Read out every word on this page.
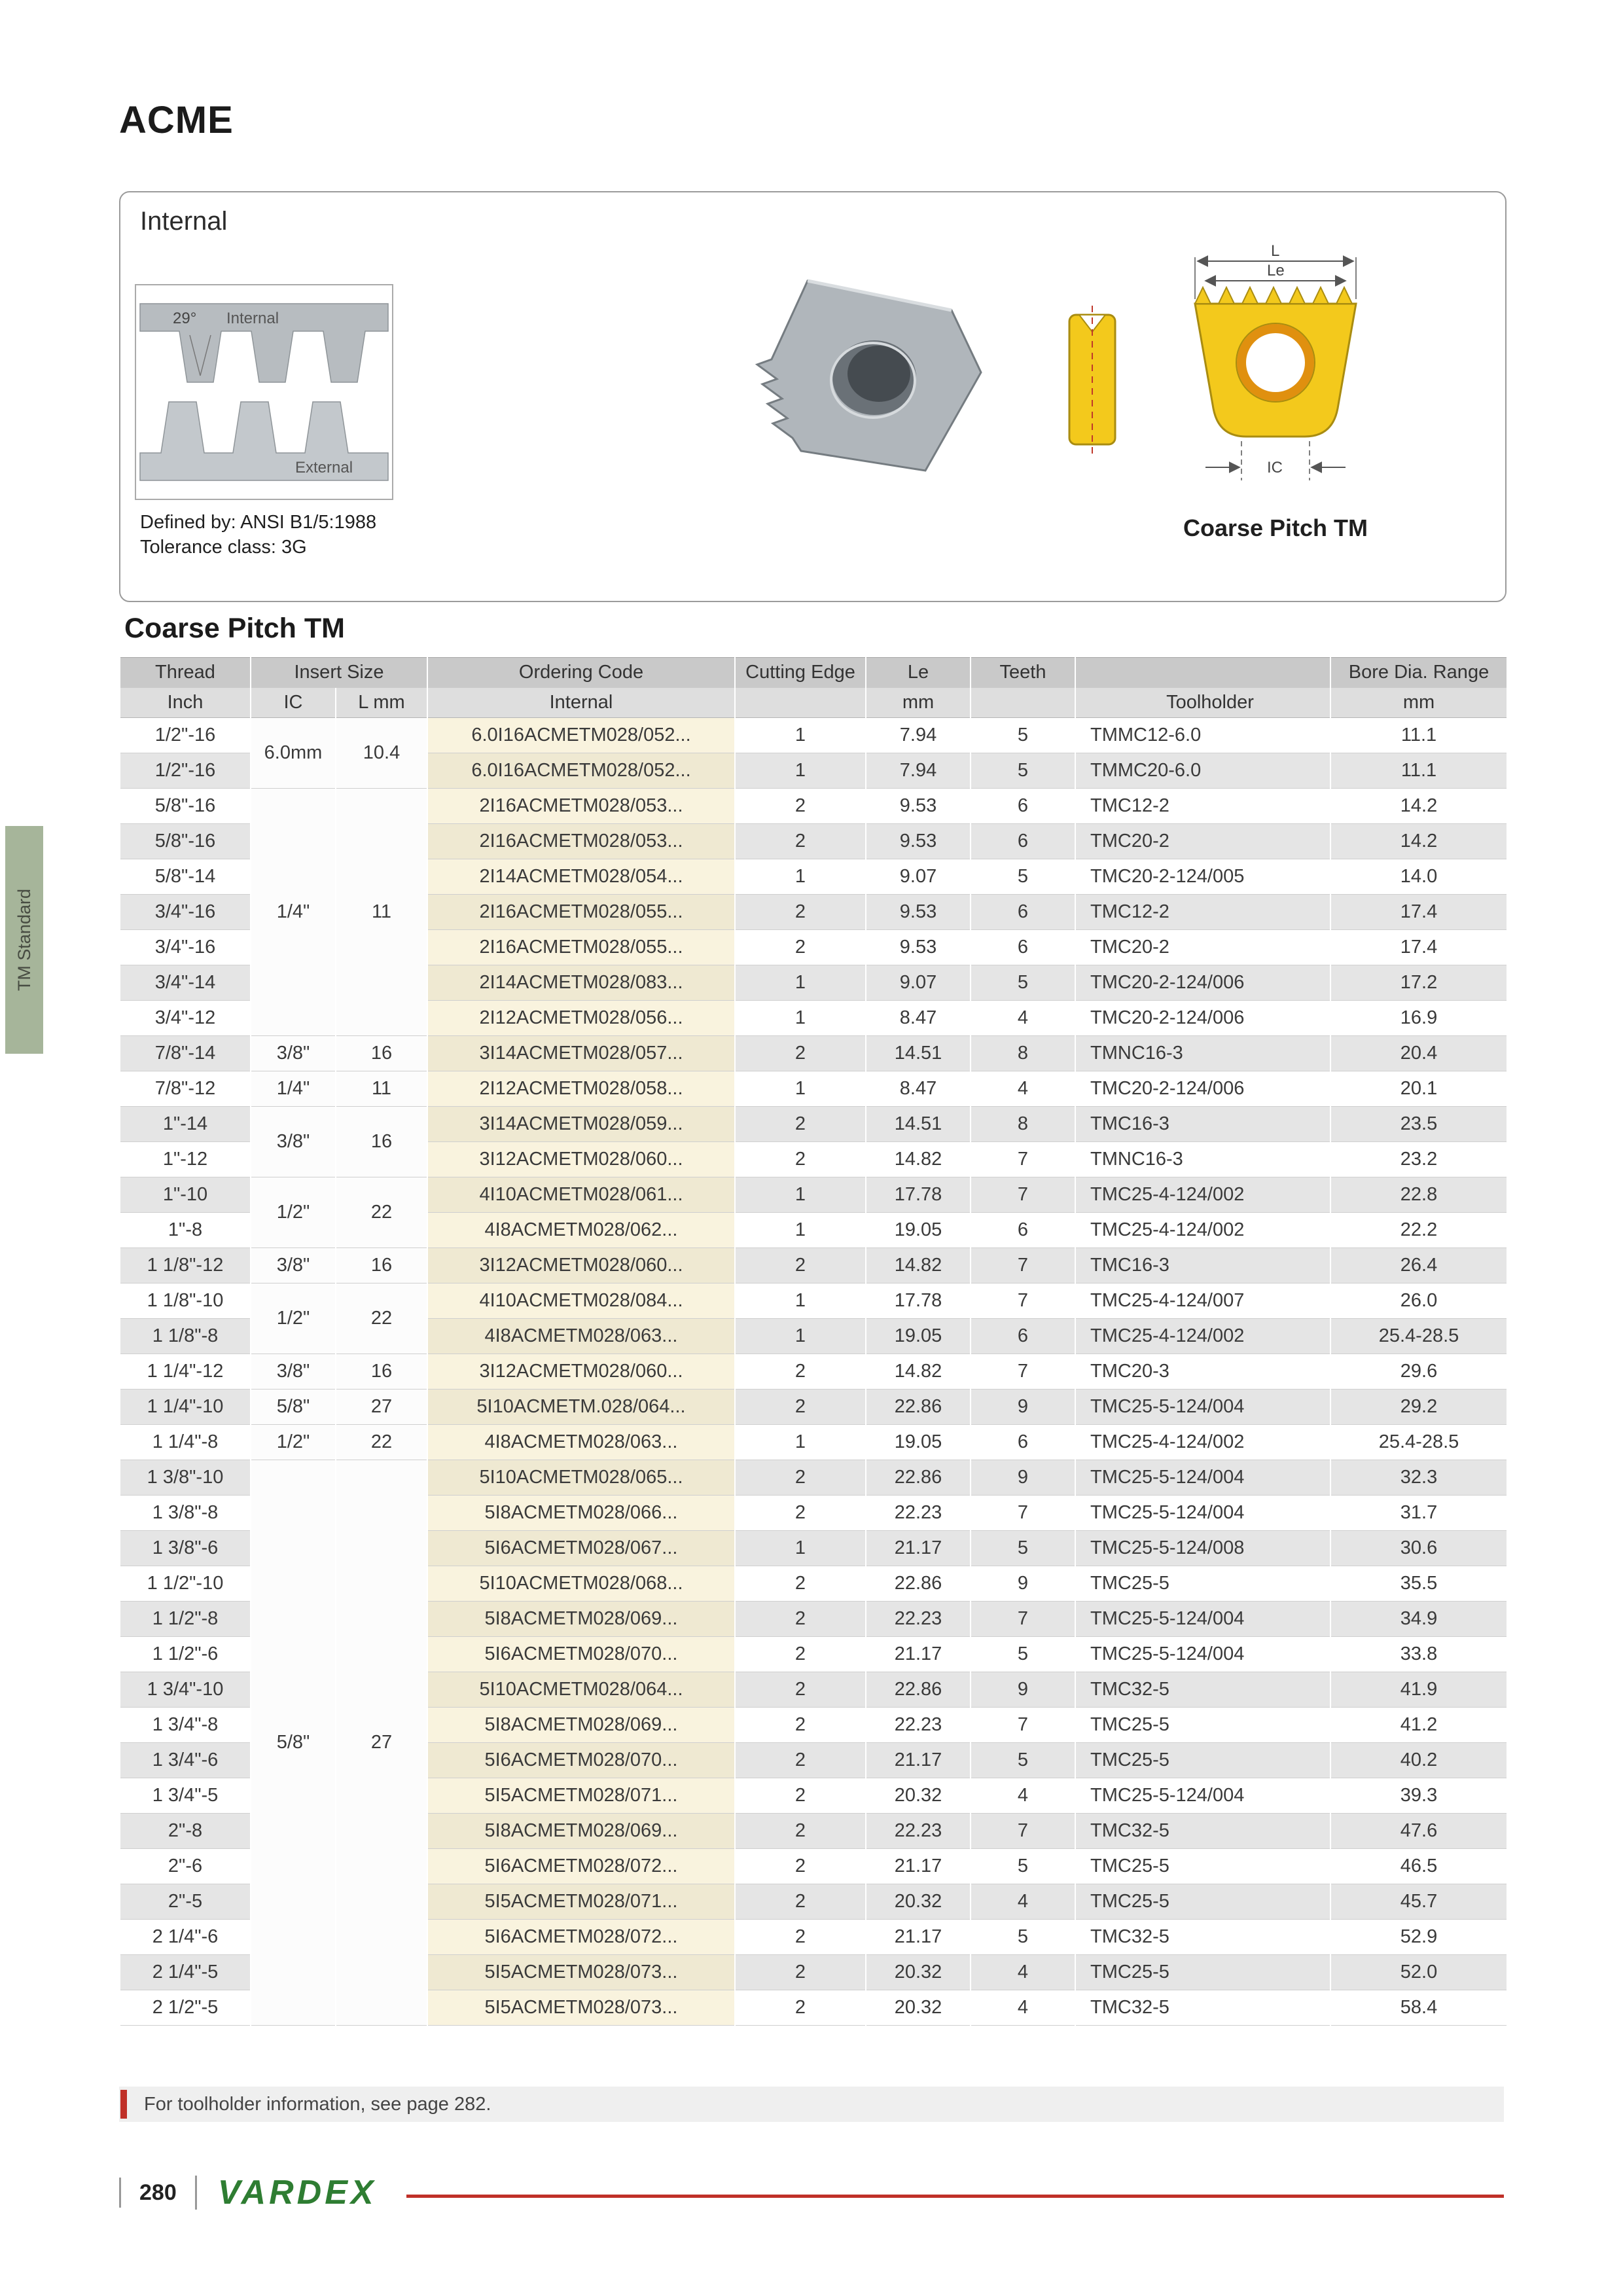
TM Standard
ACME
Internal
29° Internal
External
Defined by: ANSI B1/5:1988
Tolerance class: 3G
L
Le
IC
Coarse Pitch TM
Coarse Pitch TM
Thread	Insert Size		Ordering Code	Cutting Edge	Le	Teeth		Bore Dia. Range
Inch	IC	L mm	Internal		mm		Toolholder	mm
1/2"-16	6.0mm	10.4	6.0I16ACMETM028/052...	1	7.94	5	TMMC12-6.0	11.1
1/2"-16			6.0I16ACMETM028/052...	1	7.94	5	TMMC20-6.0	11.1
5/8"-16	1/4"	11	2I16ACMETM028/053...	2	9.53	6	TMC12-2	14.2
5/8"-16			2I16ACMETM028/053...	2	9.53	6	TMC20-2	14.2
5/8"-14			2I14ACMETM028/054...	1	9.07	5	TMC20-2-124/005	14.0
3/4"-16			2I16ACMETM028/055...	2	9.53	6	TMC12-2	17.4
3/4"-16			2I16ACMETM028/055...	2	9.53	6	TMC20-2	17.4
3/4"-14			2I14ACMETM028/083...	1	9.07	5	TMC20-2-124/006	17.2
3/4"-12			2I12ACMETM028/056...	1	8.47	4	TMC20-2-124/006	16.9
7/8"-14	3/8"	16	3I14ACMETM028/057...	2	14.51	8	TMNC16-3	20.4
7/8"-12	1/4"	11	2I12ACMETM028/058...	1	8.47	4	TMC20-2-124/006	20.1
1"-14	3/8"	16	3I14ACMETM028/059...	2	14.51	8	TMC16-3	23.5
1"-12			3I12ACMETM028/060...	2	14.82	7	TMNC16-3	23.2
1"-10	1/2"	22	4I10ACMETM028/061...	1	17.78	7	TMC25-4-124/002	22.8
1"-8			4I8ACMETM028/062...	1	19.05	6	TMC25-4-124/002	22.2
1 1/8"-12	3/8"	16	3I12ACMETM028/060...	2	14.82	7	TMC16-3	26.4
1 1/8"-10	1/2"	22	4I10ACMETM028/084...	1	17.78	7	TMC25-4-124/007	26.0
1 1/8"-8			4I8ACMETM028/063...	1	19.05	6	TMC25-4-124/002	25.4-28.5
1 1/4"-12	3/8"	16	3I12ACMETM028/060...	2	14.82	7	TMC20-3	29.6
1 1/4"-10	5/8"	27	5I10ACMETM.028/064...	2	22.86	9	TMC25-5-124/004	29.2
1 1/4"-8	1/2"	22	4I8ACMETM028/063...	1	19.05	6	TMC25-4-124/002	25.4-28.5
1 3/8"-10	5/8"	27	5I10ACMETM028/065...	2	22.86	9	TMC25-5-124/004	32.3
1 3/8"-8			5I8ACMETM028/066...	2	22.23	7	TMC25-5-124/004	31.7
1 3/8"-6			5I6ACMETM028/067...	1	21.17	5	TMC25-5-124/008	30.6
1 1/2"-10			5I10ACMETM028/068...	2	22.86	9	TMC25-5	35.5
1 1/2"-8			5I8ACMETM028/069...	2	22.23	7	TMC25-5-124/004	34.9
1 1/2"-6			5I6ACMETM028/070...	2	21.17	5	TMC25-5-124/004	33.8
1 3/4"-10			5I10ACMETM028/064...	2	22.86	9	TMC32-5	41.9
1 3/4"-8			5I8ACMETM028/069...	2	22.23	7	TMC25-5	41.2
1 3/4"-6			5I6ACMETM028/070...	2	21.17	5	TMC25-5	40.2
1 3/4"-5			5I5ACMETM028/071...	2	20.32	4	TMC25-5-124/004	39.3
2"-8			5I8ACMETM028/069...	2	22.23	7	TMC32-5	47.6
2"-6			5I6ACMETM028/072...	2	21.17	5	TMC25-5	46.5
2"-5			5I5ACMETM028/071...	2	20.32	4	TMC25-5	45.7
2 1/4"-6			5I6ACMETM028/072...	2	21.17	5	TMC32-5	52.9
2 1/4"-5			5I5ACMETM028/073...	2	20.32	4	TMC25-5	52.0
2 1/2"-5			5I5ACMETM028/073...	2	20.32	4	TMC32-5	58.4
For toolholder information, see page 282.
280	VARDEX
